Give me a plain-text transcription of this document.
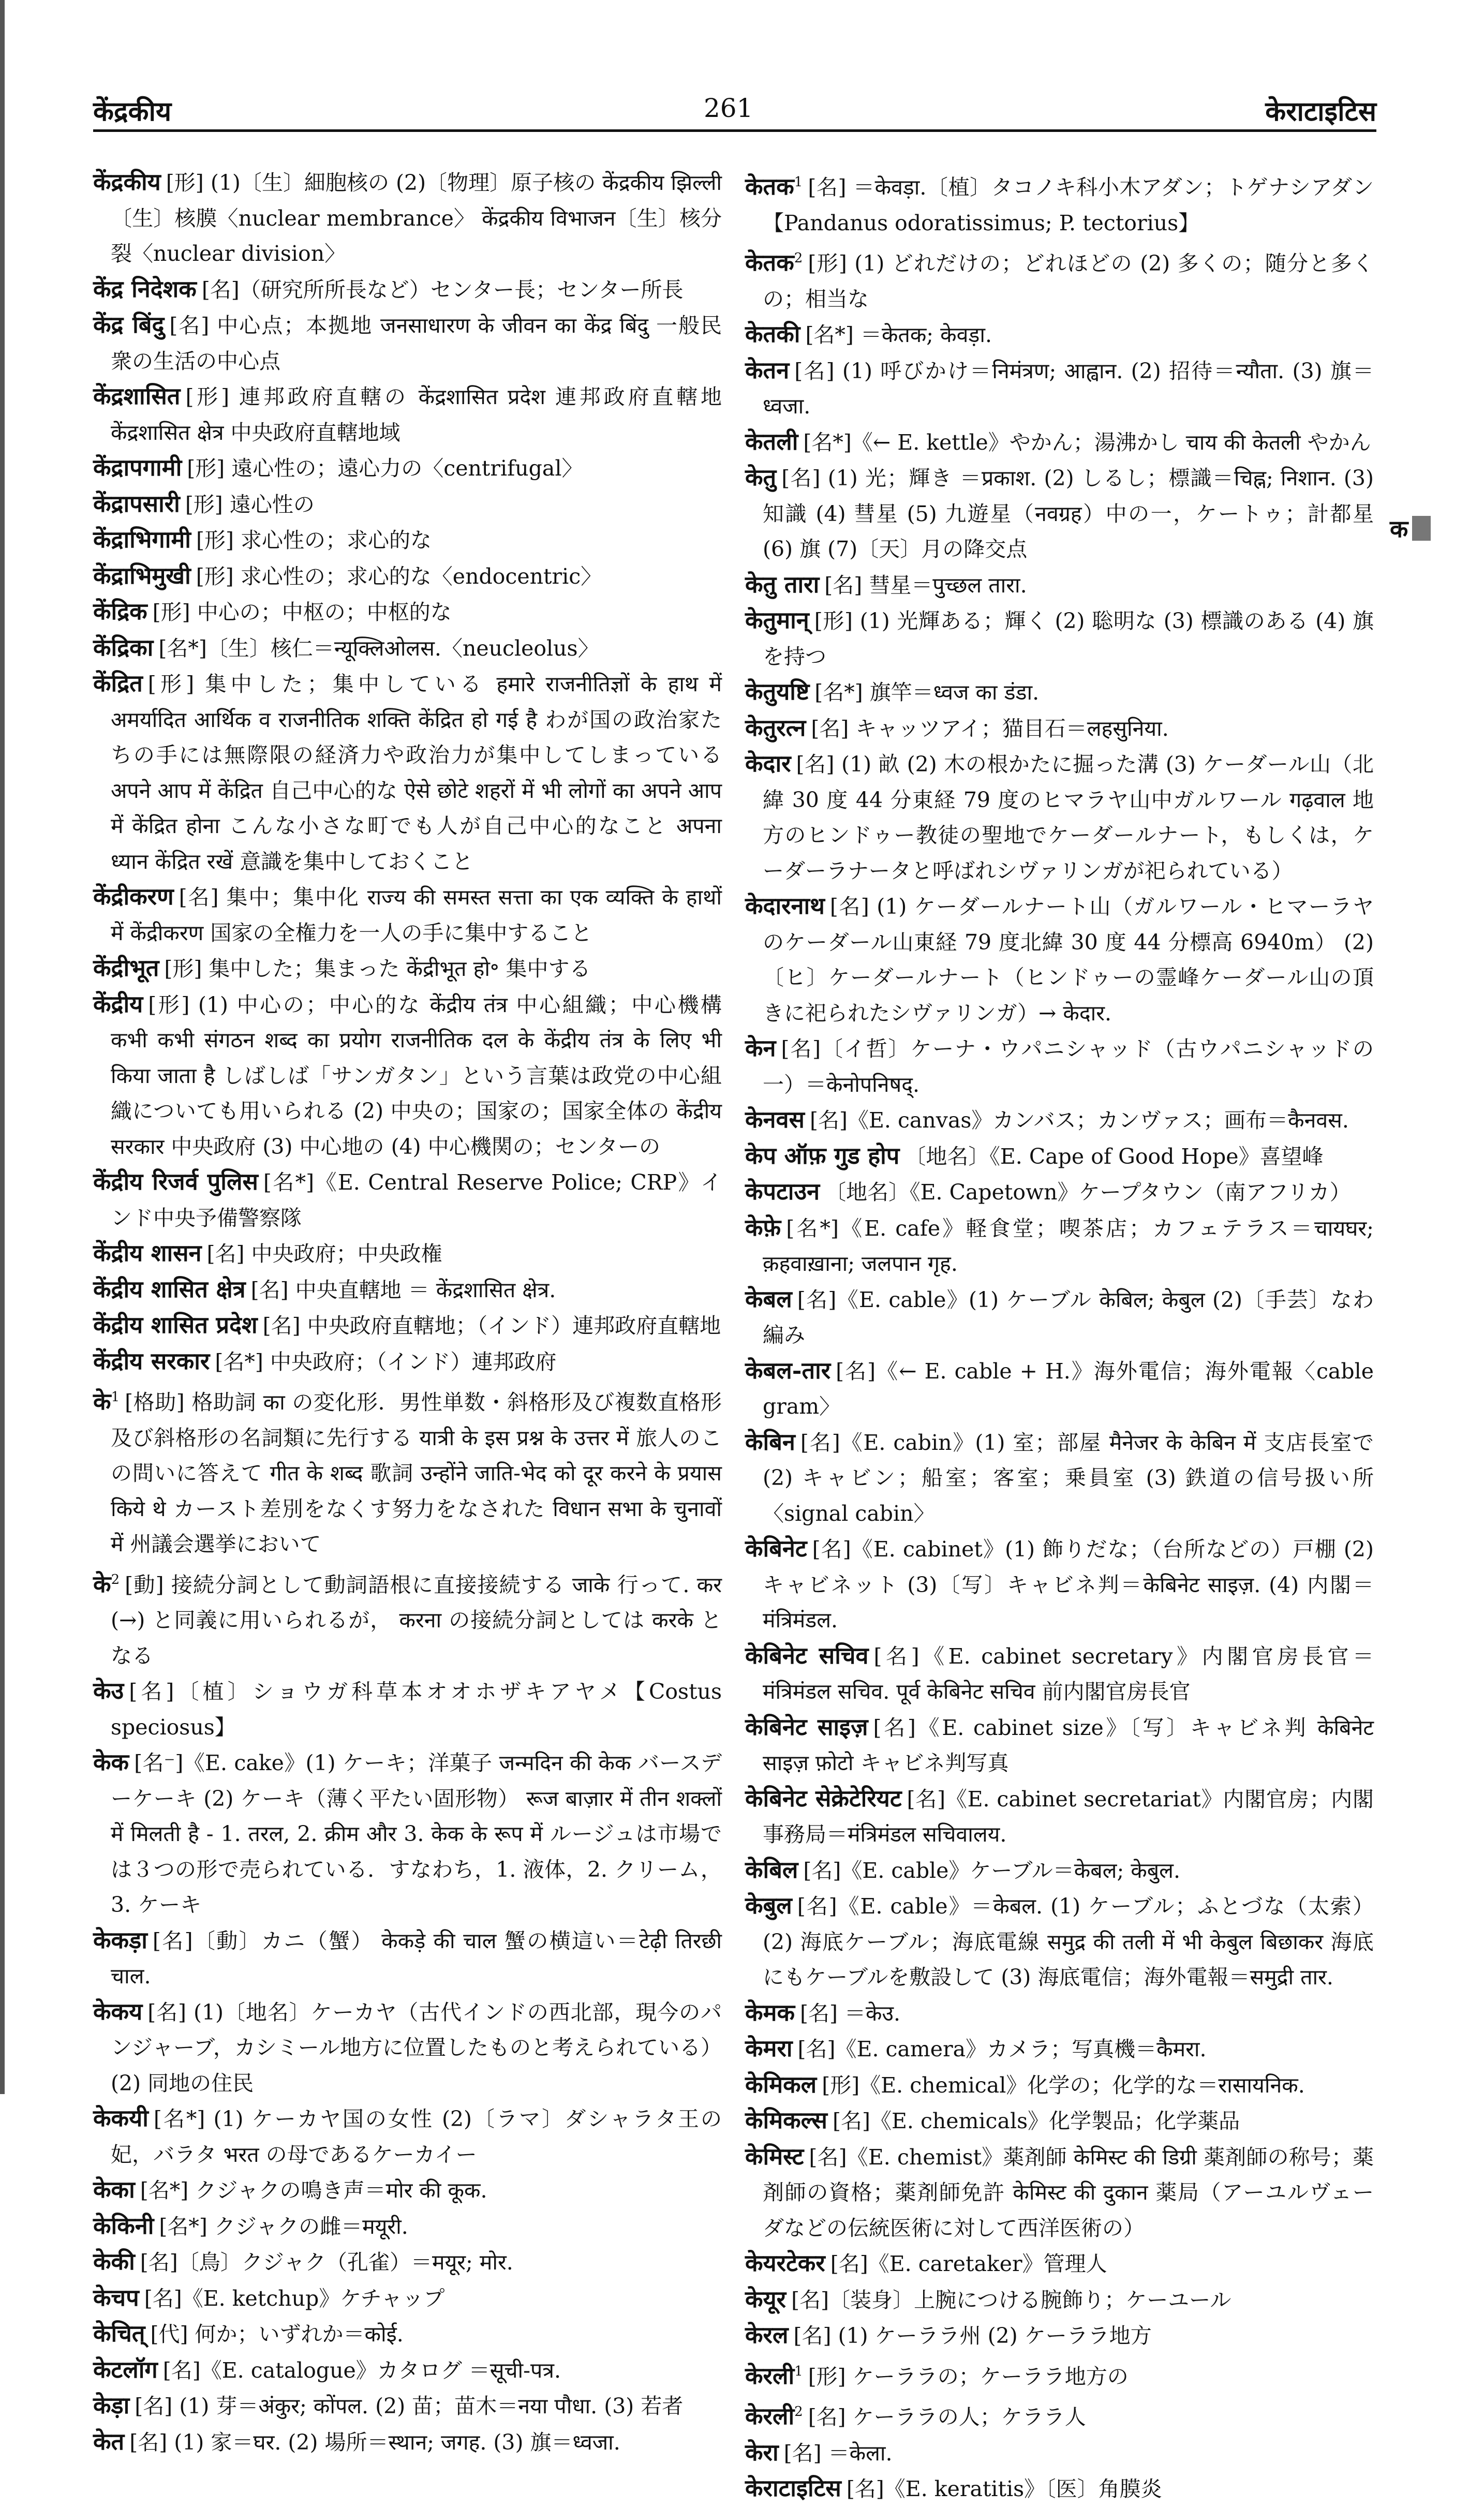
केंद्रकीय	261	केराटाइटिस

केंद्रकीय [形] (1)〔生〕細胞核の (2)〔物理〕原子核の केंद्रकीय झिल्ली〔生〕核膜〈nuclear membrance〉 केंद्रकीय विभाजन〔生〕核分裂〈nuclear division〉

केंद्र निदेशक [名]（研究所所長など）センター長；センター所長

केंद्र बिंदु [名] 中心点；本拠地 जनसाधारण के जीवन का केंद्र बिंदु 一般民衆の生活の中心点

केंद्रशासित [形] 連邦政府直轄の केंद्रशासित प्रदेश 連邦政府直轄地 केंद्रशासित क्षेत्र 中央政府直轄地域

केंद्रापगामी [形] 遠心性の；遠心力の〈centrifugal〉

केंद्रापसारी [形] 遠心性の

केंद्राभिगामी [形] 求心性の；求心的な

केंद्राभिमुखी [形] 求心性の；求心的な〈endocentric〉

केंद्रिक [形] 中心の；中枢の；中枢的な

केंद्रिका [名*]〔生〕核仁＝न्यूक्लिओलस.〈neucleolus〉

केंद्रित [形] 集中した；集中している हमारे राजनीतिज्ञों के हाथ में अमर्यादित आर्थिक व राजनीतिक शक्ति केंद्रित हो गई है わが国の政治家たちの手には無際限の経済力や政治力が集中してしまっている अपने आप में केंद्रित 自己中心的な ऐसे छोटे शहरों में भी लोगों का अपने आप में केंद्रित होना こんな小さな町でも人が自己中心的なこと अपना ध्यान केंद्रित रखें 意識を集中しておくこと

केंद्रीकरण [名] 集中；集中化 राज्य की समस्त सत्ता का एक व्यक्ति के हाथों में केंद्रीकरण 国家の全権力を一人の手に集中すること

केंद्रीभूत [形] 集中した；集まった केंद्रीभूत हो॰ 集中する

केंद्रीय [形] (1) 中心の；中心的な केंद्रीय तंत्र 中心組織；中心機構 कभी कभी संगठन शब्द का प्रयोग राजनीतिक दल के केंद्रीय तंत्र के लिए भी किया जाता है しばしば「サンガタン」という言葉は政党の中心組織についても用いられる (2) 中央の；国家の；国家全体の केंद्रीय सरकार 中央政府 (3) 中心地の (4) 中心機関の；センターの

केंद्रीय रिजर्व पुलिस [名*]《E. Central Reserve Police; CRP》インド中央予備警察隊

केंद्रीय शासन [名] 中央政府；中央政権

केंद्रीय शासित क्षेत्र [名] 中央直轄地 ＝ केंद्रशासित क्षेत्र.

केंद्रीय शासित प्रदेश [名] 中央政府直轄地；（インド）連邦政府直轄地

केंद्रीय सरकार [名*] 中央政府；（インド）連邦政府

के$^1$ [格助] 格助詞 का の変化形．男性単数・斜格形及び複数直格形及び斜格形の名詞類に先行する यात्री के इस प्रश्न के उत्तर में 旅人のこの問いに答えて गीत के शब्द 歌詞 उन्होंने जाति-भेद को दूर करने के प्रयास किये थे カースト差別をなくす努力をなされた विधान सभा के चुनावों में 州議会選挙において

के$^2$ [動] 接続分詞として動詞語根に直接接続する जाके 行って. कर (→) と同義に用いられるが， करना の接続分詞としては करके となる

केउ [名]〔植〕ショウガ科草本オオホザキアヤメ【Costus speciosus】

केक [名⁻]《E. cake》(1) ケーキ；洋菓子 जन्मदिन की केक バースデーケーキ (2) ケーキ（薄く平たい固形物） रूज बाज़ार में तीन शक्लों में मिलती है - 1. तरल, 2. क्रीम और 3. केक के रूप में ルージュは市場では３つの形で売られている．すなわち，1. 液体，2. クリーム，3. ケーキ

केकड़ा [名]〔動〕カニ（蟹） केकड़े की चाल 蟹の横這い＝टेढ़ी तिरछी चाल.

केकय [名] (1)〔地名〕ケーカヤ（古代インドの西北部，現今のパンジャーブ，カシミール地方に位置したものと考えられている） (2) 同地の住民

केकयी [名*] (1) ケーカヤ国の女性 (2)〔ラマ〕ダシャラタ王の妃，バラタ भरत の母であるケーカイー

केका [名*] クジャクの鳴き声＝मोर की कूक.

केकिनी [名*] クジャクの雌＝मयूरी.

केकी [名]〔鳥〕クジャク（孔雀）＝मयूर; मोर.

केचप [名]《E. ketchup》ケチャップ

केचित् [代] 何か；いずれか＝कोई.

केटलॉग [名]《E. catalogue》カタログ ＝सूची-पत्र.

केड़ा [名] (1) 芽＝अंकुर; कोंपल. (2) 苗；苗木＝नया पौधा. (3) 若者

केत [名] (1) 家＝घर. (2) 場所＝स्थान; जगह. (3) 旗＝ध्वजा.

केतक$^1$ [名] ＝केवड़ा.〔植〕タコノキ科小木アダン；トゲナシアダン【Pandanus odoratissimus; P. tectorius】

केतक$^2$ [形] (1) どれだけの；どれほどの (2) 多くの；随分と多くの；相当な

केतकी [名*] ＝केतक; केवड़ा.

केतन [名] (1) 呼びかけ＝निमंत्रण; आह्वान. (2) 招待＝न्यौता. (3) 旗＝ध्वजा.

केतली [名*]《← E. kettle》やかん；湯沸かし चाय की केतली やかん

केतु [名] (1) 光；輝き ＝प्रकाश. (2) しるし；標識＝चिह्न; निशान. (3) 知識 (4) 彗星 (5) 九遊星（नवग्रह）中の一，ケートゥ；計都星 (6) 旗 (7)〔天〕月の降交点

केतु तारा [名] 彗星＝पुच्छल तारा.

केतुमान् [形] (1) 光輝ある；輝く (2) 聡明な (3) 標識のある (4) 旗を持つ

केतुयष्टि [名*] 旗竿＝ध्वज का डंडा.

केतुरत्न [名] キャッツアイ；猫目石＝लहसुनिया.

केदार [名] (1) 畝 (2) 木の根かたに掘った溝 (3) ケーダール山（北緯 30 度 44 分東経 79 度のヒマラヤ山中ガルワール गढ़वाल 地方のヒンドゥー教徒の聖地でケーダールナート，もしくは，ケーダーラナータと呼ばれシヴァリンガが祀られている）

केदारनाथ [名] (1) ケーダールナート山（ガルワール・ヒマーラヤのケーダール山東経 79 度北緯 30 度 44 分標高 6940m） (2)〔ヒ〕ケーダールナート（ヒンドゥーの霊峰ケーダール山の頂きに祀られたシヴァリンガ）→ केदार.

केन [名]〔イ哲〕ケーナ・ウパニシャッド（古ウパニシャッドの一）＝केनोपनिषद्.

केनवस [名]《E. canvas》カンバス；カンヴァス；画布＝कैनवस.

केप ऑफ़ गुड होप 〔地名〕《E. Cape of Good Hope》喜望峰

केपटाउन 〔地名〕《E. Capetown》ケープタウン（南アフリカ）

केफ़े [名*]《E. cafe》軽食堂；喫茶店；カフェテラス＝चायघर; क़हवाख़ाना; जलपान गृह.

केबल [名]《E. cable》(1) ケーブル केबिल; केबुल (2)〔手芸〕なわ編み

केबल-तार [名]《← E. cable + H.》海外電信；海外電報〈cable gram〉

केबिन [名]《E. cabin》(1) 室；部屋 मैनेजर के केबिन में 支店長室で (2) キャビン；船室；客室；乗員室 (3) 鉄道の信号扱い所〈signal cabin〉

केबिनेट [名]《E. cabinet》(1) 飾りだな；（台所などの）戸棚 (2) キャビネット (3)〔写〕キャビネ判＝केबिनेट साइज़. (4) 内閣＝मंत्रिमंडल.

केबिनेट सचिव [名]《E. cabinet secretary》内閣官房長官＝मंत्रिमंडल सचिव. पूर्व केबिनेट सचिव 前内閣官房長官

केबिनेट साइज़ [名]《E. cabinet size》〔写〕キャビネ判 केबिनेट साइज़ फ़ोटो キャビネ判写真

केबिनेट सेक्रेटेरियट [名]《E. cabinet secretariat》内閣官房；内閣事務局＝मंत्रिमंडल सचिवालय.

केबिल [名]《E. cable》ケーブル＝केबल; केबुल.

केबुल [名]《E. cable》＝केबल. (1) ケーブル；ふとづな（太索） (2) 海底ケーブル；海底電線 समुद्र की तली में भी केबुल बिछाकर 海底にもケーブルを敷設して (3) 海底電信；海外電報＝समुद्री तार.

केमक [名] ＝केउ.

केमरा [名]《E. camera》カメラ；写真機＝कैमरा.

केमिकल [形]《E. chemical》化学の；化学的な＝रासायनिक.

केमिकल्स [名]《E. chemicals》化学製品；化学薬品

केमिस्ट [名]《E. chemist》薬剤師 केमिस्ट की डिग्री 薬剤師の称号；薬剤師の資格；薬剤師免許 केमिस्ट की दुकान 薬局（アーユルヴェーダなどの伝統医術に対して西洋医術の）

केयरटेकर [名]《E. caretaker》管理人

केयूर [名]〔装身〕上腕につける腕飾り；ケーユール

केरल [名] (1) ケーララ州 (2) ケーララ地方

केरली$^1$ [形] ケーララの；ケーララ地方の

केरली$^2$ [名] ケーララの人；ケララ人

केरा [名] ＝केला.

केराटाइटिस [名]《E. keratitis》〔医〕角膜炎

क
